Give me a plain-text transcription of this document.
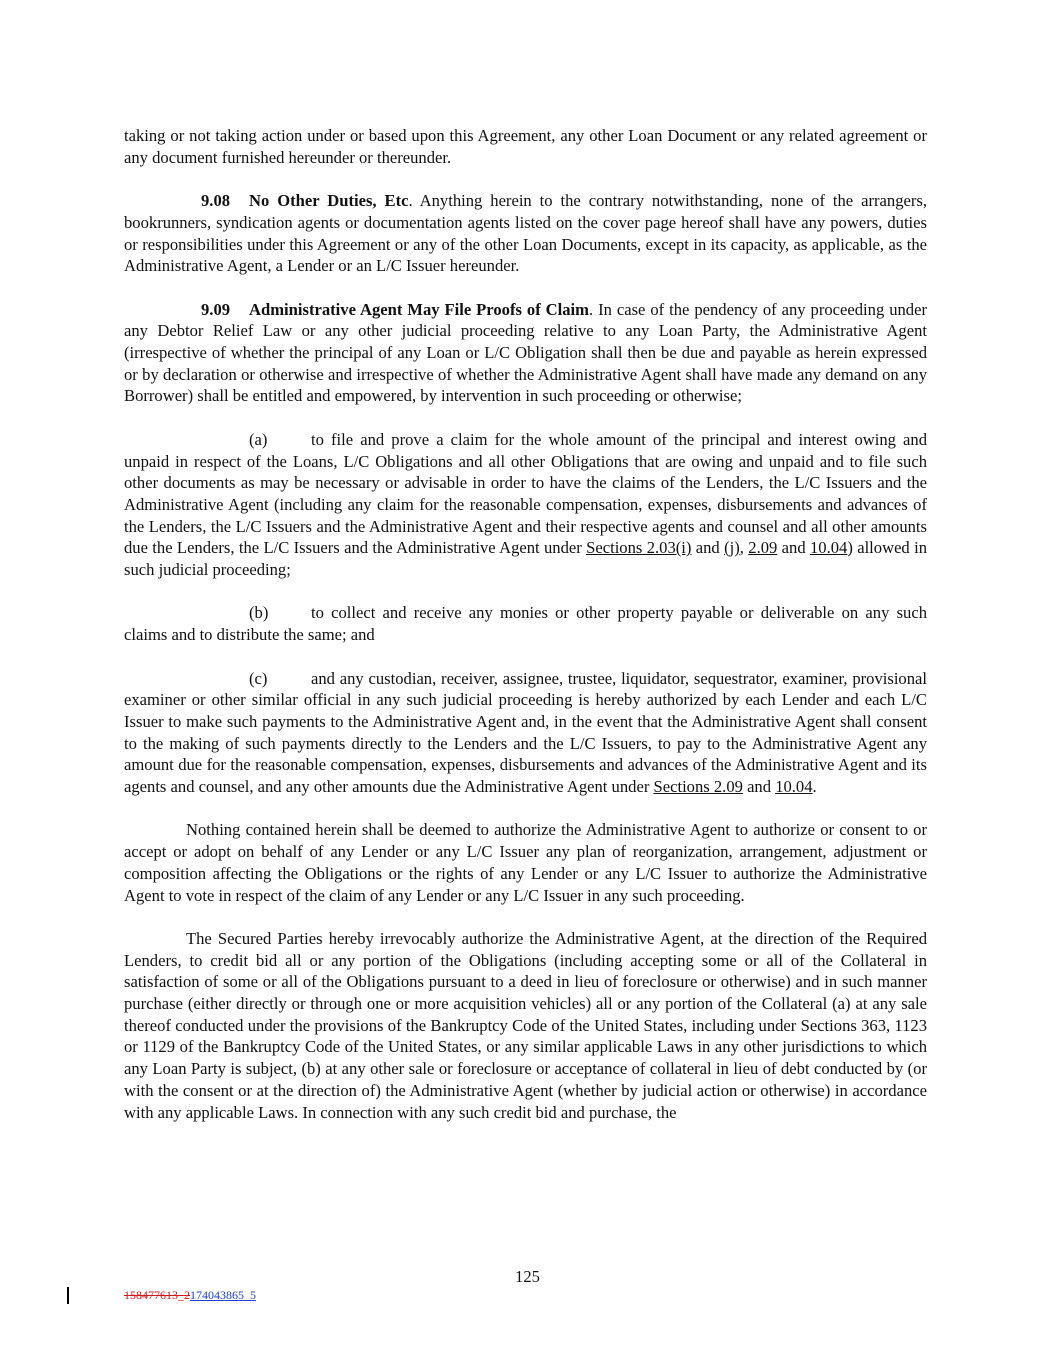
taking or not taking action under or based upon this Agreement, any other Loan Document or any related agreement or any document furnished hereunder or thereunder.

9.08 No Other Duties, Etc. Anything herein to the contrary notwithstanding, none of the arrangers, bookrunners, syndication agents or documentation agents listed on the cover page hereof shall have any powers, duties or responsibilities under this Agreement or any of the other Loan Documents, except in its capacity, as applicable, as the Administrative Agent, a Lender or an L/C Issuer hereunder.

9.09 Administrative Agent May File Proofs of Claim. In case of the pendency of any proceeding under any Debtor Relief Law or any other judicial proceeding relative to any Loan Party, the Administrative Agent (irrespective of whether the principal of any Loan or L/C Obligation shall then be due and payable as herein expressed or by declaration or otherwise and irrespective of whether the Administrative Agent shall have made any demand on any Borrower) shall be entitled and empowered, by intervention in such proceeding or otherwise;

(a)	to file and prove a claim for the whole amount of the principal and interest owing and unpaid in respect of the Loans, L/C Obligations and all other Obligations that are owing and unpaid and to file such other documents as may be necessary or advisable in order to have the claims of the Lenders, the L/C Issuers and the Administrative Agent (including any claim for the reasonable compensation, expenses, disbursements and advances of the Lenders, the L/C Issuers and the Administrative Agent and their respective agents and counsel and all other amounts due the Lenders, the L/C Issuers and the Administrative Agent under Sections 2.03(i) and (j), 2.09 and 10.04) allowed in such judicial proceeding;

(b)	to collect and receive any monies or other property payable or deliverable on any such claims and to distribute the same; and

(c)	and any custodian, receiver, assignee, trustee, liquidator, sequestrator, examiner, provisional examiner or other similar official in any such judicial proceeding is hereby authorized by each Lender and each L/C Issuer to make such payments to the Administrative Agent and, in the event that the Administrative Agent shall consent to the making of such payments directly to the Lenders and the L/C Issuers, to pay to the Administrative Agent any amount due for the reasonable compensation, expenses, disbursements and advances of the Administrative Agent and its agents and counsel, and any other amounts due the Administrative Agent under Sections 2.09 and 10.04.

Nothing contained herein shall be deemed to authorize the Administrative Agent to authorize or consent to or accept or adopt on behalf of any Lender or any L/C Issuer any plan of reorganization, arrangement, adjustment or composition affecting the Obligations or the rights of any Lender or any L/C Issuer to authorize the Administrative Agent to vote in respect of the claim of any Lender or any L/C Issuer in any such proceeding.

The Secured Parties hereby irrevocably authorize the Administrative Agent, at the direction of the Required Lenders, to credit bid all or any portion of the Obligations (including accepting some or all of the Collateral in satisfaction of some or all of the Obligations pursuant to a deed in lieu of foreclosure or otherwise) and in such manner purchase (either directly or through one or more acquisition vehicles) all or any portion of the Collateral (a) at any sale thereof conducted under the provisions of the Bankruptcy Code of the United States, including under Sections 363, 1123 or 1129 of the Bankruptcy Code of the United States, or any similar applicable Laws in any other jurisdictions to which any Loan Party is subject, (b) at any other sale or foreclosure or acceptance of collateral in lieu of debt conducted by (or with the consent or at the direction of) the Administrative Agent (whether by judicial action or otherwise) in accordance with any applicable Laws. In connection with any such credit bid and purchase, the

125
158477613_2174043865_5
